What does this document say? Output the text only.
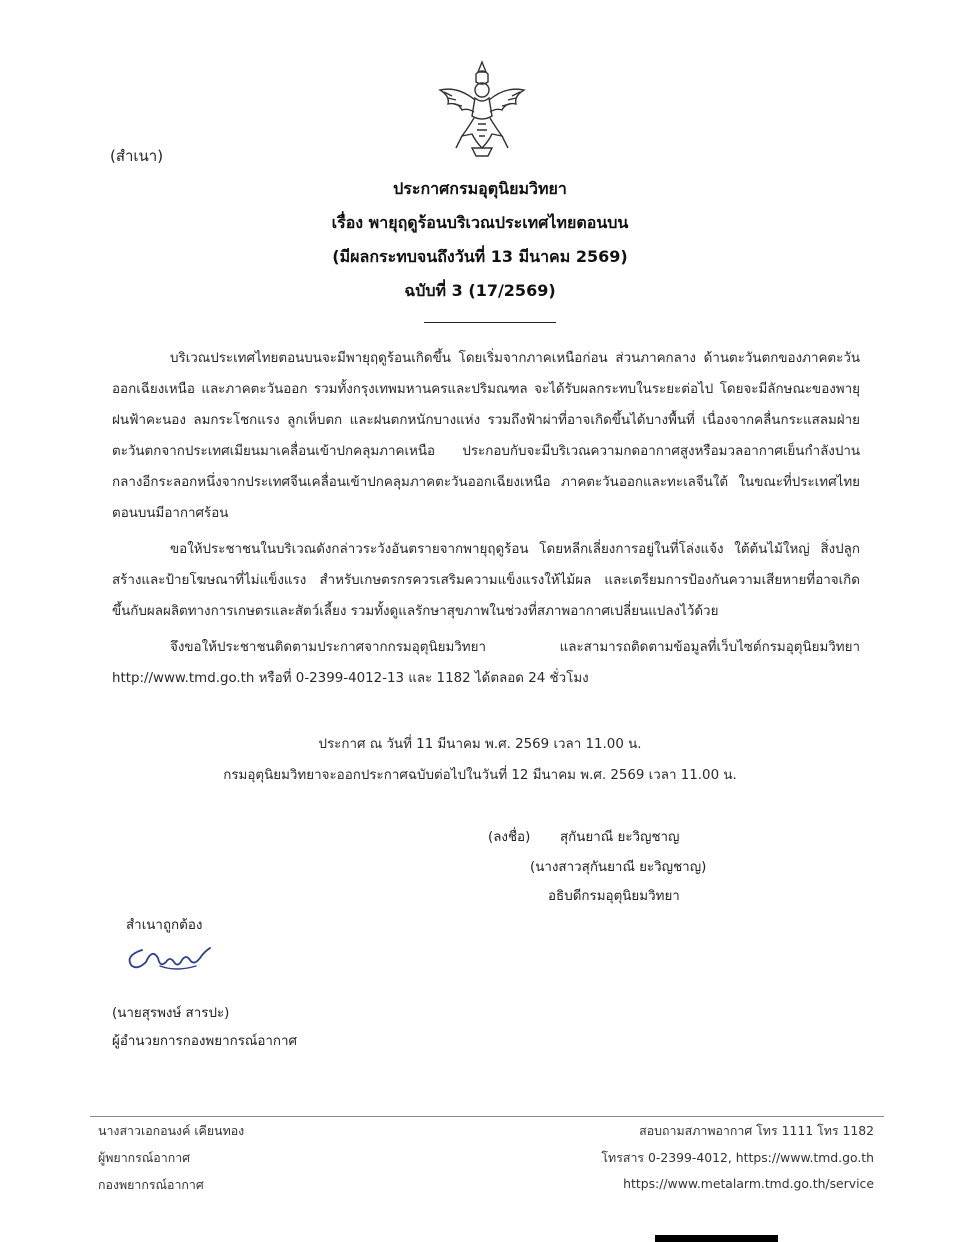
(สำเนา)
ประกาศกรมอุตุนิยมวิทยา
เรื่อง พายุฤดูร้อนบริเวณประเทศไทยตอนบน
(มีผลกระทบจนถึงวันที่ 13 มีนาคม 2569)
ฉบับที่ 3 (17/2569)
บริเวณประเทศไทยตอนบนจะมีพายุฤดูร้อนเกิดขึ้น โดยเริ่มจากภาคเหนือก่อน ส่วนภาคกลาง ด้านตะวันตกของภาคตะวันออกเฉียงเหนือ และภาคตะวันออก รวมทั้งกรุงเทพมหานครและปริมณฑล จะได้รับผลกระทบในระยะต่อไป โดยจะมีลักษณะของพายุฝนฟ้าคะนอง ลมกระโชกแรง ลูกเห็บตก และฝนตกหนักบางแห่ง รวมถึงฟ้าผ่าที่อาจเกิดขึ้นได้บางพื้นที่ เนื่องจากคลื่นกระแสลมฝ่ายตะวันตกจากประเทศเมียนมาเคลื่อนเข้าปกคลุมภาคเหนือ ประกอบกับจะมีบริเวณความกดอากาศสูงหรือมวลอากาศเย็นกำลังปานกลางอีกระลอกหนึ่งจากประเทศจีนเคลื่อนเข้าปกคลุมภาคตะวันออกเฉียงเหนือ ภาคตะวันออกและทะเลจีนใต้ ในขณะที่ประเทศไทยตอนบนมีอากาศร้อน
ขอให้ประชาชนในบริเวณดังกล่าวระวังอันตรายจากพายุฤดูร้อน โดยหลีกเลี่ยงการอยู่ในที่โล่งแจ้ง ใต้ต้นไม้ใหญ่ สิ่งปลูกสร้างและป้ายโฆษณาที่ไม่แข็งแรง สำหรับเกษตรกรควรเสริมความแข็งแรงให้ไม้ผล และเตรียมการป้องกันความเสียหายที่อาจเกิดขึ้นกับผลผลิตทางการเกษตรและสัตว์เลี้ยง รวมทั้งดูแลรักษาสุขภาพในช่วงที่สภาพอากาศเปลี่ยนแปลงไว้ด้วย
จึงขอให้ประชาชนติดตามประกาศจากกรมอุตุนิยมวิทยา และสามารถติดตามข้อมูลที่เว็บไซต์กรมอุตุนิยมวิทยา http://www.tmd.go.th หรือที่ 0-2399-4012-13 และ 1182 ได้ตลอด 24 ชั่วโมง
ประกาศ ณ วันที่ 11 มีนาคม พ.ศ. 2569 เวลา 11.00 น.
กรมอุตุนิยมวิทยาจะออกประกาศฉบับต่อไปในวันที่ 12 มีนาคม พ.ศ. 2569 เวลา 11.00 น.
(ลงชื่อ) สุกันยาณี ยะวิญชาญ
(นางสาวสุกันยาณี ยะวิญชาญ)
อธิบดีกรมอุตุนิยมวิทยา
สำเนาถูกต้อง
(นายสุรพงษ์ สารปะ)
ผู้อำนวยการกองพยากรณ์อากาศ
นางสาวเอกอนงค์ เคียนทอง
ผู้พยากรณ์อากาศ
กองพยากรณ์อากาศ
สอบถามสภาพอากาศ โทร 1111 โทร 1182
โทรสาร 0-2399-4012, https://www.tmd.go.th
https://www.metalarm.tmd.go.th/service
